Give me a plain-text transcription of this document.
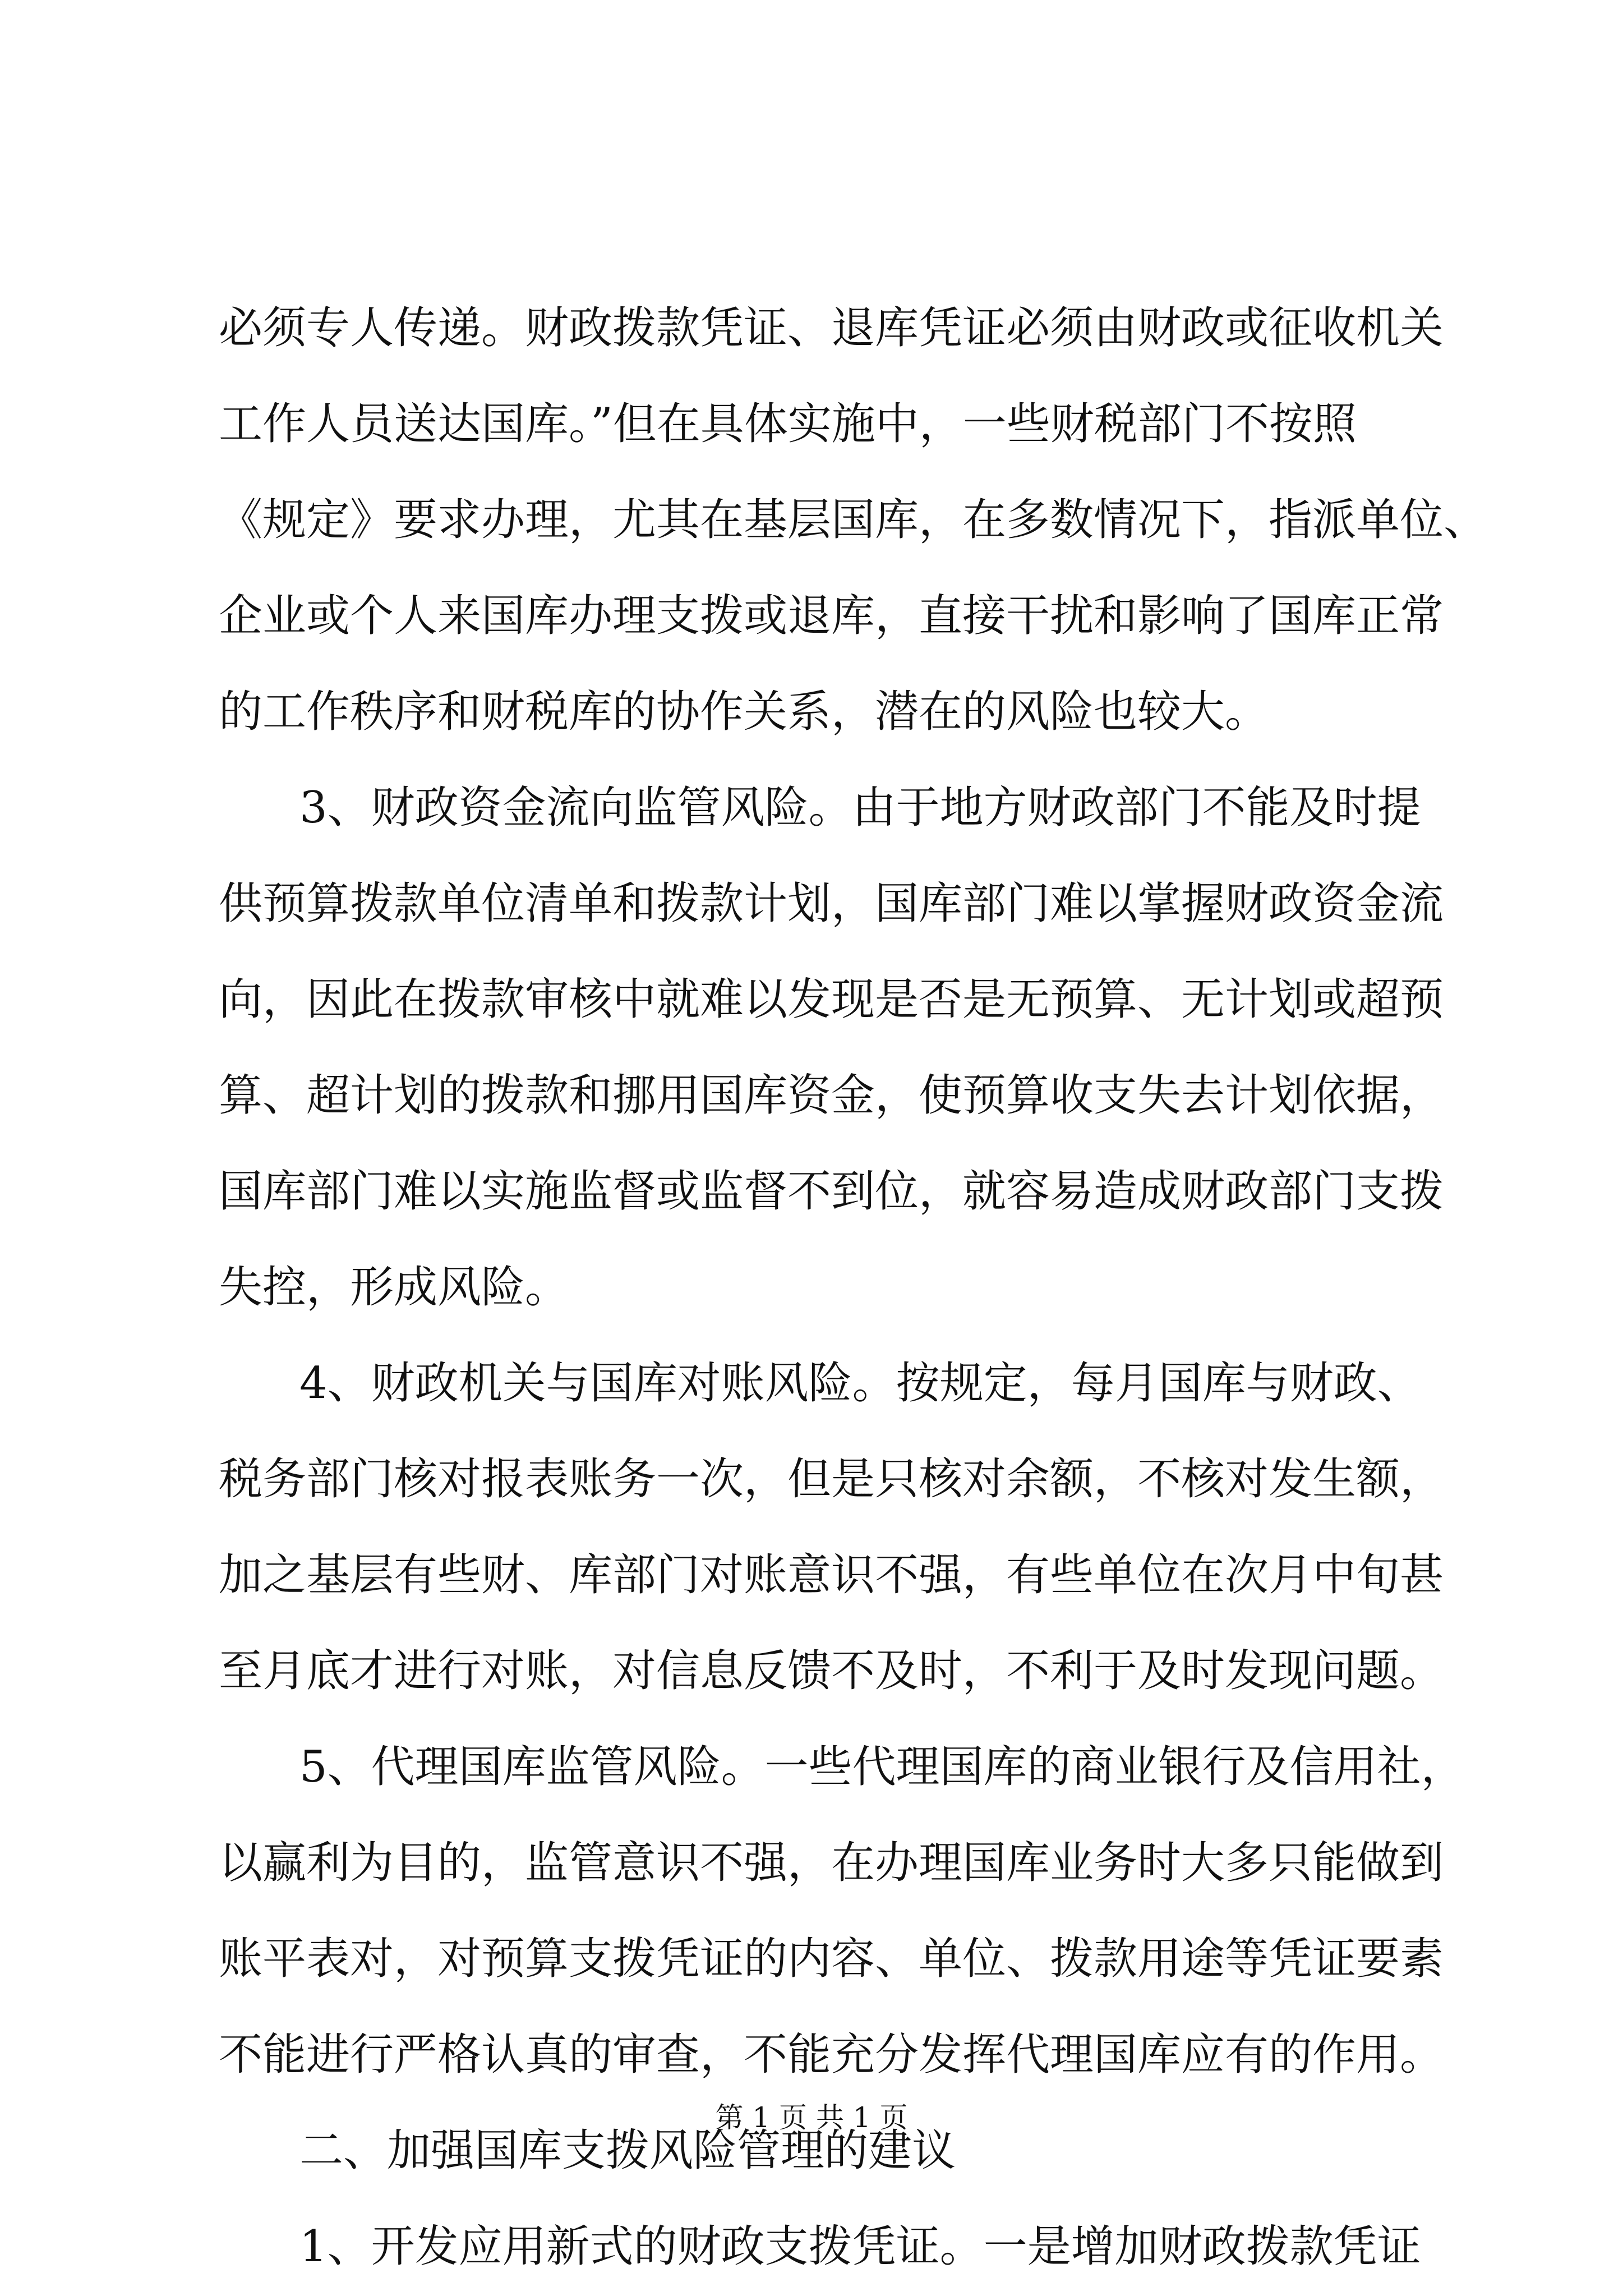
必须专人传递。财政拨款凭证、退库凭证必须由财政或征收机关
工作人员送达国库。”但在具体实施中，一些财税部门不按照
《规定》要求办理，尤其在基层国库，在多数情况下，指派单位、
企业或个人来国库办理支拨或退库，直接干扰和影响了国库正常
的工作秩序和财税库的协作关系，潜在的风险也较大。
3、财政资金流向监管风险。由于地方财政部门不能及时提
供预算拨款单位清单和拨款计划，国库部门难以掌握财政资金流
向，因此在拨款审核中就难以发现是否是无预算、无计划或超预
算、超计划的拨款和挪用国库资金，使预算收支失去计划依据，
国库部门难以实施监督或监督不到位，就容易造成财政部门支拨
失控，形成风险。
4、财政机关与国库对账风险。按规定，每月国库与财政、
税务部门核对报表账务一次，但是只核对余额，不核对发生额，
加之基层有些财、库部门对账意识不强，有些单位在次月中旬甚
至月底才进行对账，对信息反馈不及时，不利于及时发现问题。
5、代理国库监管风险。一些代理国库的商业银行及信用社，
以赢利为目的，监管意识不强，在办理国库业务时大多只能做到
账平表对，对预算支拨凭证的内容、单位、拨款用途等凭证要素
不能进行严格认真的审查，不能充分发挥代理国库应有的作用。
二、加强国库支拨风险管理的建议
1、开发应用新式的财政支拨凭证。一是增加财政拨款凭证
第 1 页 共 1 页
